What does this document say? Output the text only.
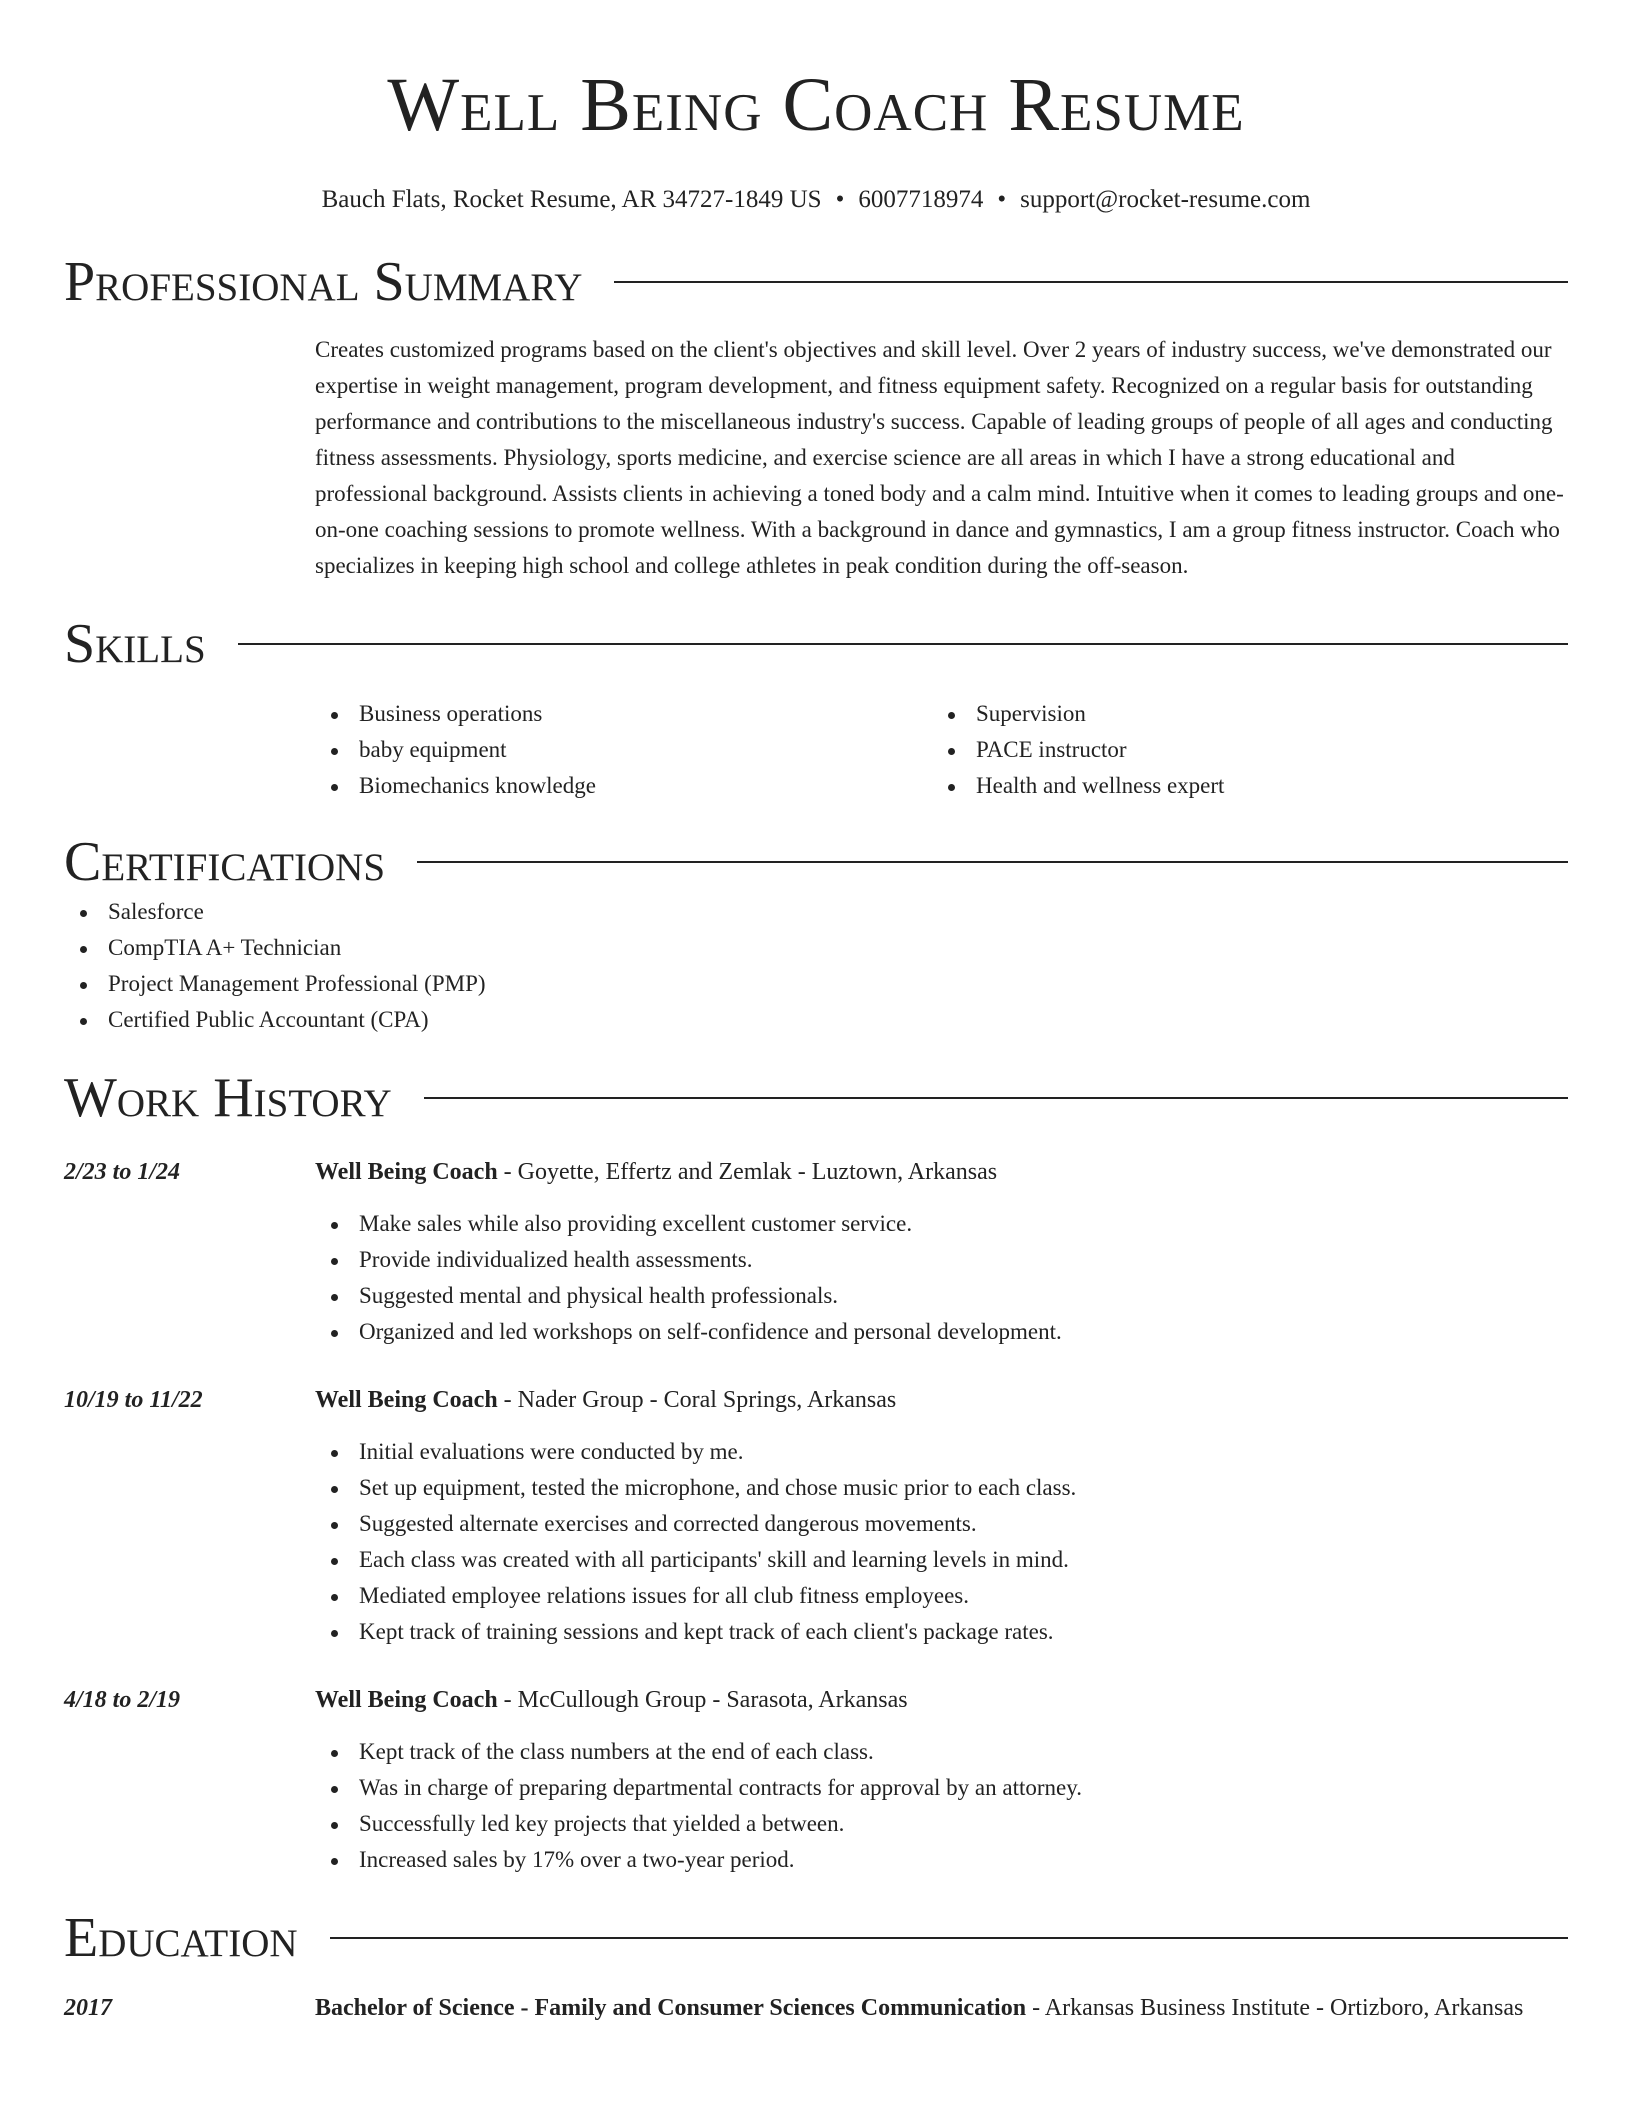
Well Being Coach Resume
Bauch Flats, Rocket Resume, AR 34727-1849 US • 6007718974 • support@rocket-resume.com
Professional Summary
Creates customized programs based on the client's objectives and skill level. Over 2 years of industry success, we've demonstrated our expertise in weight management, program development, and fitness equipment safety. Recognized on a regular basis for outstanding performance and contributions to the miscellaneous industry's success. Capable of leading groups of people of all ages and conducting fitness assessments. Physiology, sports medicine, and exercise science are all areas in which I have a strong educational and professional background. Assists clients in achieving a toned body and a calm mind. Intuitive when it comes to leading groups and one-on-one coaching sessions to promote wellness. With a background in dance and gymnastics, I am a group fitness instructor. Coach who specializes in keeping high school and college athletes in peak condition during the off-season.
Skills
Business operations
baby equipment
Biomechanics knowledge
Supervision
PACE instructor
Health and wellness expert
Certifications
Salesforce
CompTIA A+ Technician
Project Management Professional (PMP)
Certified Public Accountant (CPA)
Work History
2/23 to 1/24	Well Being Coach - Goyette, Effertz and Zemlak - Luztown, Arkansas
Make sales while also providing excellent customer service.
Provide individualized health assessments.
Suggested mental and physical health professionals.
Organized and led workshops on self-confidence and personal development.
10/19 to 11/22	Well Being Coach - Nader Group - Coral Springs, Arkansas
Initial evaluations were conducted by me.
Set up equipment, tested the microphone, and chose music prior to each class.
Suggested alternate exercises and corrected dangerous movements.
Each class was created with all participants' skill and learning levels in mind.
Mediated employee relations issues for all club fitness employees.
Kept track of training sessions and kept track of each client's package rates.
4/18 to 2/19	Well Being Coach - McCullough Group - Sarasota, Arkansas
Kept track of the class numbers at the end of each class.
Was in charge of preparing departmental contracts for approval by an attorney.
Successfully led key projects that yielded a between.
Increased sales by 17% over a two-year period.
Education
2017	Bachelor of Science - Family and Consumer Sciences Communication - Arkansas Business Institute - Ortizboro, Arkansas
